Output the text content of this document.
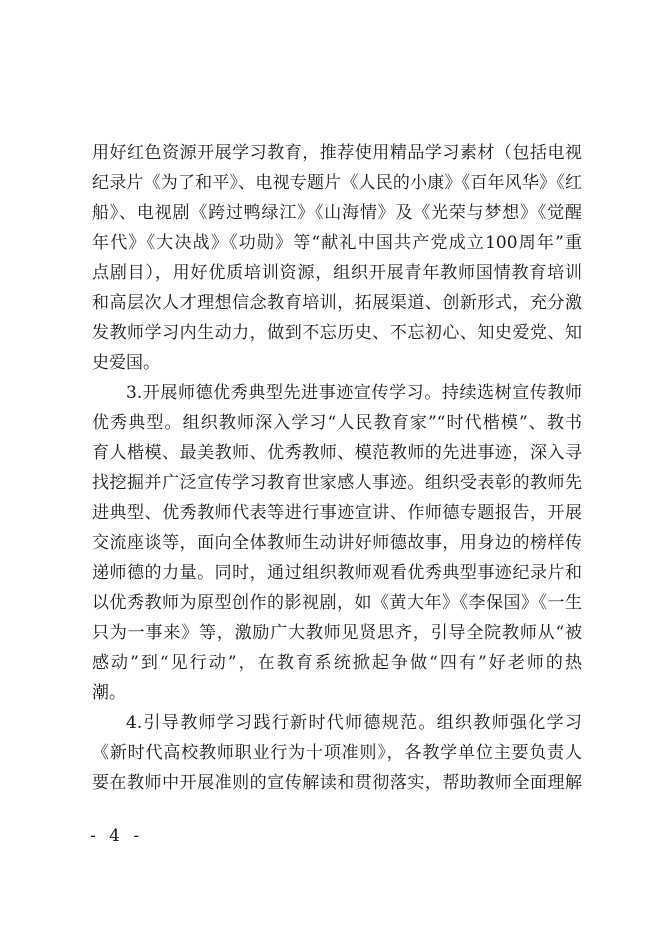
用好红色资源开展学习教育，推荐使用精品学习素材（包括电视
纪录片《为了和平》、电视专题片《人民的小康》《百年风华》《红
船》、电视剧《跨过鸭绿江》《山海情》及《光荣与梦想》《觉醒
年代》《大决战》《功勋》等“献礼中国共产党成立100周年”重
点剧目），用好优质培训资源，组织开展青年教师国情教育培训
和高层次人才理想信念教育培训，拓展渠道、创新形式，充分激
发教师学习内生动力，做到不忘历史、不忘初心、知史爱党、知
史爱国。
3.开展师德优秀典型先进事迹宣传学习。持续选树宣传教师
优秀典型。组织教师深入学习“人民教育家”“时代楷模”、教书
育人楷模、最美教师、优秀教师、模范教师的先进事迹，深入寻
找挖掘并广泛宣传学习教育世家感人事迹。组织受表彰的教师先
进典型、优秀教师代表等进行事迹宣讲、作师德专题报告，开展
交流座谈等，面向全体教师生动讲好师德故事，用身边的榜样传
递师德的力量。同时，通过组织教师观看优秀典型事迹纪录片和
以优秀教师为原型创作的影视剧，如《黄大年》《李保国》《一生
只为一事来》等，激励广大教师见贤思齐，引导全院教师从“被
感动”到“见行动”，在教育系统掀起争做“四有”好老师的热
潮。
4.引导教师学习践行新时代师德规范。组织教师强化学习
《新时代高校教师职业行为十项准则》，各教学单位主要负责人
要在教师中开展准则的宣传解读和贯彻落实，帮助教师全面理解
- 4 -
